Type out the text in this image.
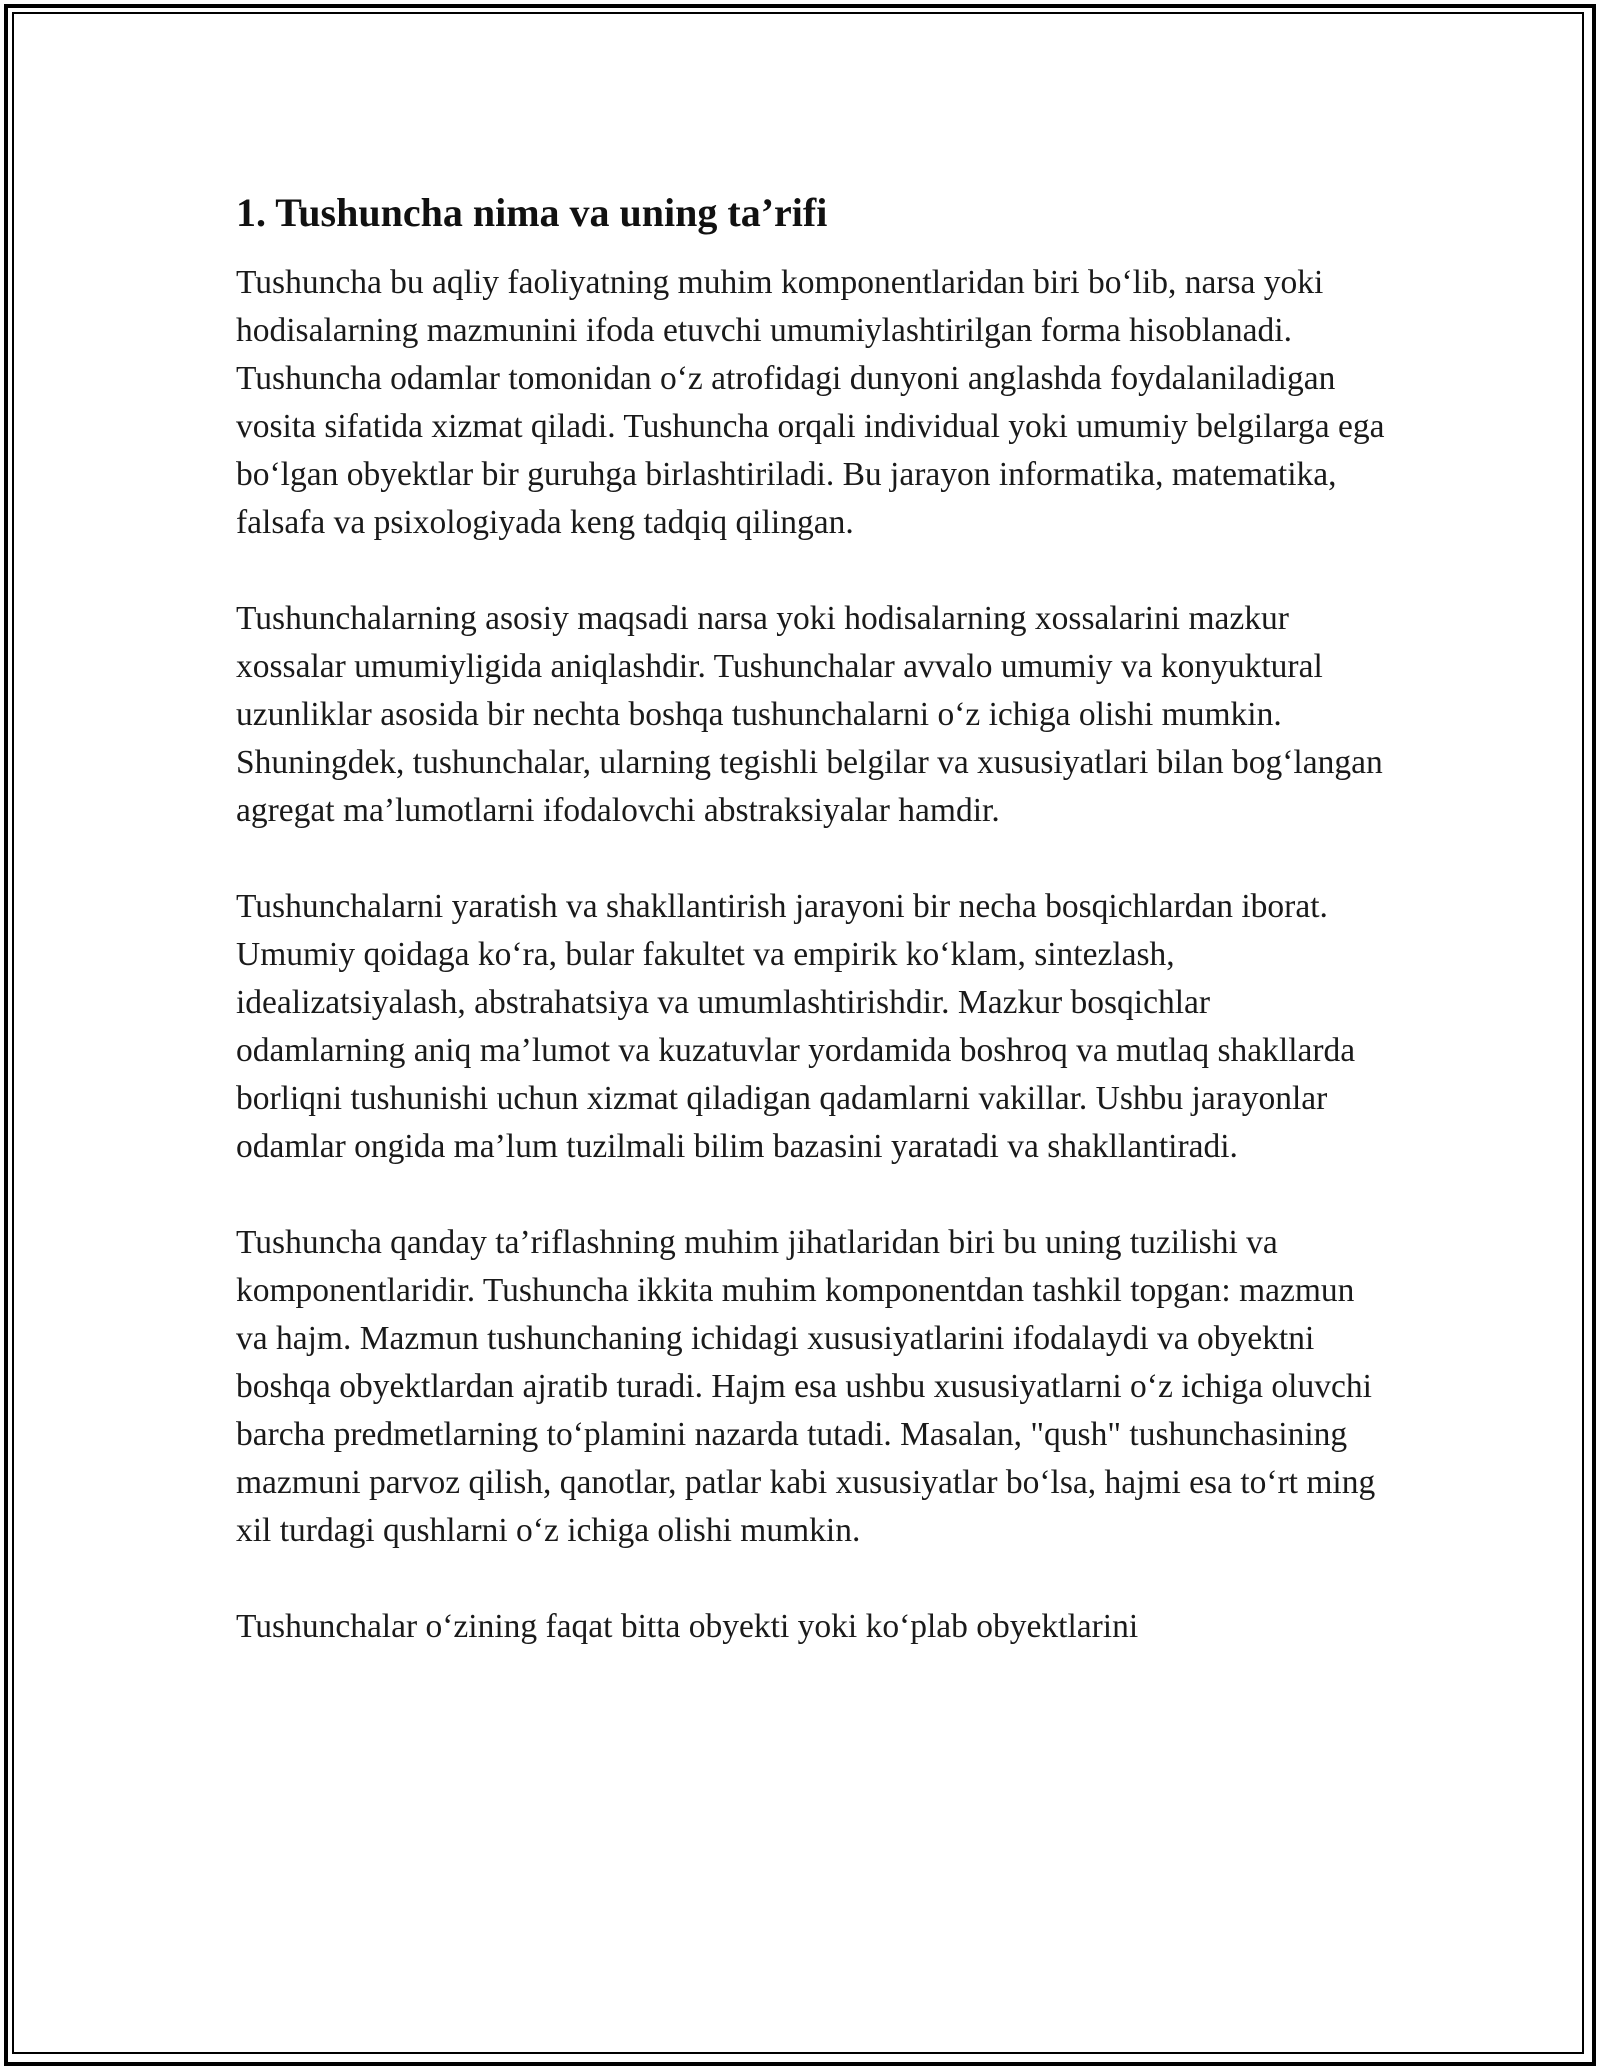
1. Tushuncha nima va uning ta’rifi

Tushuncha bu aqliy faoliyatning muhim komponentlaridan biri bo‘lib, narsa yoki hodisalarning mazmunini ifoda etuvchi umumiylashtirilgan forma hisoblanadi. Tushuncha odamlar tomonidan o‘z atrofidagi dunyoni anglashda foydalaniladigan vosita sifatida xizmat qiladi. Tushuncha orqali individual yoki umumiy belgilarga ega bo‘lgan obyektlar bir guruhga birlashtiriladi. Bu jarayon informatika, matematika, falsafa va psixologiyada keng tadqiq qilingan.

Tushunchalarning asosiy maqsadi narsa yoki hodisalarning xossalarini mazkur xossalar umumiyligida aniqlashdir. Tushunchalar avvalo umumiy va konyuktural uzunliklar asosida bir nechta boshqa tushunchalarni o‘z ichiga olishi mumkin. Shuningdek, tushunchalar, ularning tegishli belgilar va xususiyatlari bilan bog‘langan agregat ma’lumotlarni ifodalovchi abstraksiyalar hamdir.

Tushunchalarni yaratish va shakllantirish jarayoni bir necha bosqichlardan iborat. Umumiy qoidaga ko‘ra, bular fakultet va empirik ko‘klam, sintezlash, idealizatsiyalash, abstrahatsiya va umumlashtirishdir. Mazkur bosqichlar odamlarning aniq ma’lumot va kuzatuvlar yordamida boshroq va mutlaq shakllarda borliqni tushunishi uchun xizmat qiladigan qadamlarni vakillar. Ushbu jarayonlar odamlar ongida ma’lum tuzilmali bilim bazasini yaratadi va shakllantiradi.

Tushuncha qanday ta’riflashning muhim jihatlaridan biri bu uning tuzilishi va komponentlaridir. Tushuncha ikkita muhim komponentdan tashkil topgan: mazmun va hajm. Mazmun tushunchaning ichidagi xususiyatlarini ifodalaydi va obyektni boshqa obyektlardan ajratib turadi. Hajm esa ushbu xususiyatlarni o‘z ichiga oluvchi barcha predmetlarning to‘plamini nazarda tutadi. Masalan, "qush" tushunchasining mazmuni parvoz qilish, qanotlar, patlar kabi xususiyatlar bo‘lsa, hajmi esa to‘rt ming xil turdagi qushlarni o‘z ichiga olishi mumkin.

Tushunchalar o‘zining faqat bitta obyekti yoki ko‘plab obyektlarini
